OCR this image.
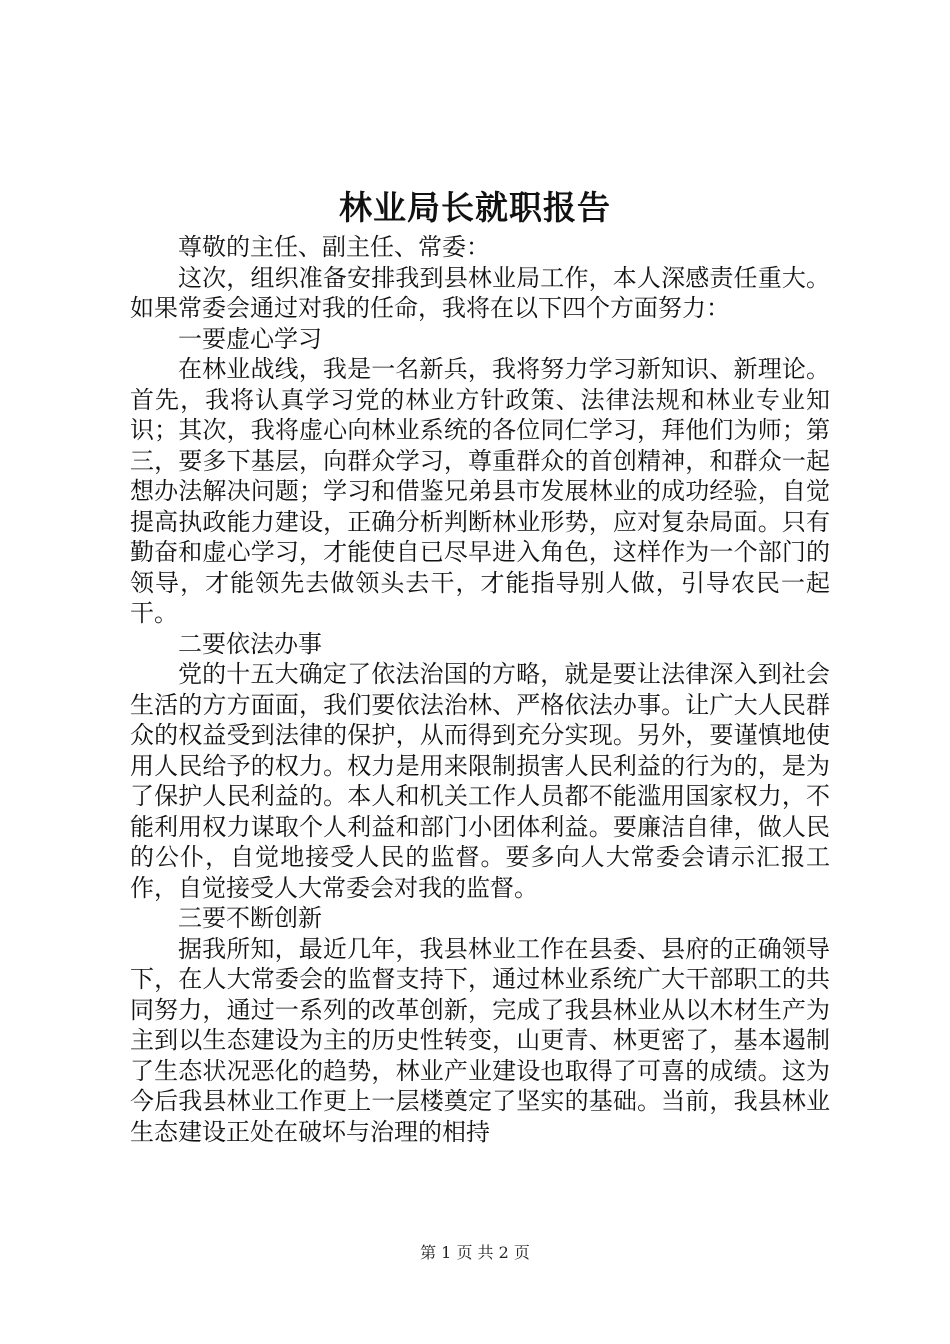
林业局长就职报告

尊敬的主任、副主任、常委：

这次，组织准备安排我到县林业局工作，本人深感责任重大。如果常委会通过对我的任命，我将在以下四个方面努力：

一要虚心学习

在林业战线，我是一名新兵，我将努力学习新知识、新理论。首先，我将认真学习党的林业方针政策、法律法规和林业专业知识；其次，我将虚心向林业系统的各位同仁学习，拜他们为师；第三，要多下基层，向群众学习，尊重群众的首创精神，和群众一起想办法解决问题；学习和借鉴兄弟县市发展林业的成功经验，自觉提高执政能力建设，正确分析判断林业形势，应对复杂局面。只有勤奋和虚心学习，才能使自已尽早进入角色，这样作为一个部门的领导，才能领先去做领头去干，才能指导别人做，引导农民一起干。

二要依法办事

党的十五大确定了依法治国的方略，就是要让法律深入到社会生活的方方面面，我们要依法治林、严格依法办事。让广大人民群众的权益受到法律的保护，从而得到充分实现。另外，要谨慎地使用人民给予的权力。权力是用来限制损害人民利益的行为的，是为了保护人民利益的。本人和机关工作人员都不能滥用国家权力，不能利用权力谋取个人利益和部门小团体利益。要廉洁自律，做人民的公仆，自觉地接受人民的监督。要多向人大常委会请示汇报工作，自觉接受人大常委会对我的监督。

三要不断创新

据我所知，最近几年，我县林业工作在县委、县府的正确领导下，在人大常委会的监督支持下，通过林业系统广大干部职工的共同努力，通过一系列的改革创新，完成了我县林业从以木材生产为主到以生态建设为主的历史性转变，山更青、林更密了，基本遏制了生态状况恶化的趋势，林业产业建设也取得了可喜的成绩。这为今后我县林业工作更上一层楼奠定了坚实的基础。当前，我县林业生态建设正处在破坏与治理的相持

第 1 页 共 2 页
